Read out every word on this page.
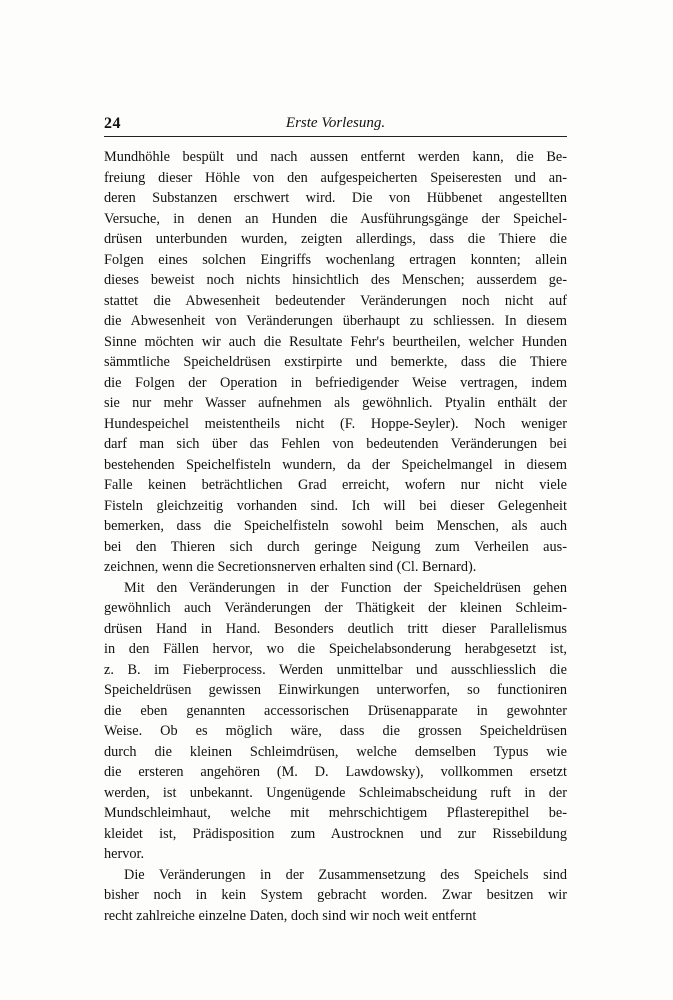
24	Erste Vorlesung.
Mundhöhle bespült und nach aussen entfernt werden kann, die Be-
freiung dieser Höhle von den aufgespeicherten Speiseresten und an-
deren Substanzen erschwert wird. Die von Hübbenet angestellten
Versuche, in denen an Hunden die Ausführungsgänge der Speichel-
drüsen unterbunden wurden, zeigten allerdings, dass die Thiere die
Folgen eines solchen Eingriffs wochenlang ertragen konnten; allein
dieses beweist noch nichts hinsichtlich des Menschen; ausserdem ge-
stattet die Abwesenheit bedeutender Veränderungen noch nicht auf
die Abwesenheit von Veränderungen überhaupt zu schliessen. In diesem
Sinne möchten wir auch die Resultate Fehr's beurtheilen, welcher Hunden
sämmtliche Speicheldrüsen exstirpirte und bemerkte, dass die Thiere
die Folgen der Operation in befriedigender Weise vertragen, indem
sie nur mehr Wasser aufnehmen als gewöhnlich. Ptyalin enthält der
Hundespeichel meistentheils nicht (F. Hoppe-Seyler). Noch weniger
darf man sich über das Fehlen von bedeutenden Veränderungen bei
bestehenden Speichelfisteln wundern, da der Speichelmangel in diesem
Falle keinen beträchtlichen Grad erreicht, wofern nur nicht viele
Fisteln gleichzeitig vorhanden sind. Ich will bei dieser Gelegenheit
bemerken, dass die Speichelfisteln sowohl beim Menschen, als auch
bei den Thieren sich durch geringe Neigung zum Verheilen aus-
zeichnen, wenn die Secretionsnerven erhalten sind (Cl. Bernard).
Mit den Veränderungen in der Function der Speicheldrüsen gehen
gewöhnlich auch Veränderungen der Thätigkeit der kleinen Schleim-
drüsen Hand in Hand. Besonders deutlich tritt dieser Parallelismus
in den Fällen hervor, wo die Speichelabsonderung herabgesetzt ist,
z. B. im Fieberprocess. Werden unmittelbar und ausschliesslich die
Speicheldrüsen gewissen Einwirkungen unterworfen, so functioniren
die eben genannten accessorischen Drüsenapparate in gewohnter
Weise. Ob es möglich wäre, dass die grossen Speicheldrüsen
durch die kleinen Schleimdrüsen, welche demselben Typus wie
die ersteren angehören (M. D. Lawdowsky), vollkommen ersetzt
werden, ist unbekannt. Ungenügende Schleimabscheidung ruft in der
Mundschleimhaut, welche mit mehrschichtigem Pflasterepithel be-
kleidet ist, Prädisposition zum Austrocknen und zur Rissebildung
hervor.
Die Veränderungen in der Zusammensetzung des Speichels sind
bisher noch in kein System gebracht worden. Zwar besitzen wir
recht zahlreiche einzelne Daten, doch sind wir noch weit entfernt
